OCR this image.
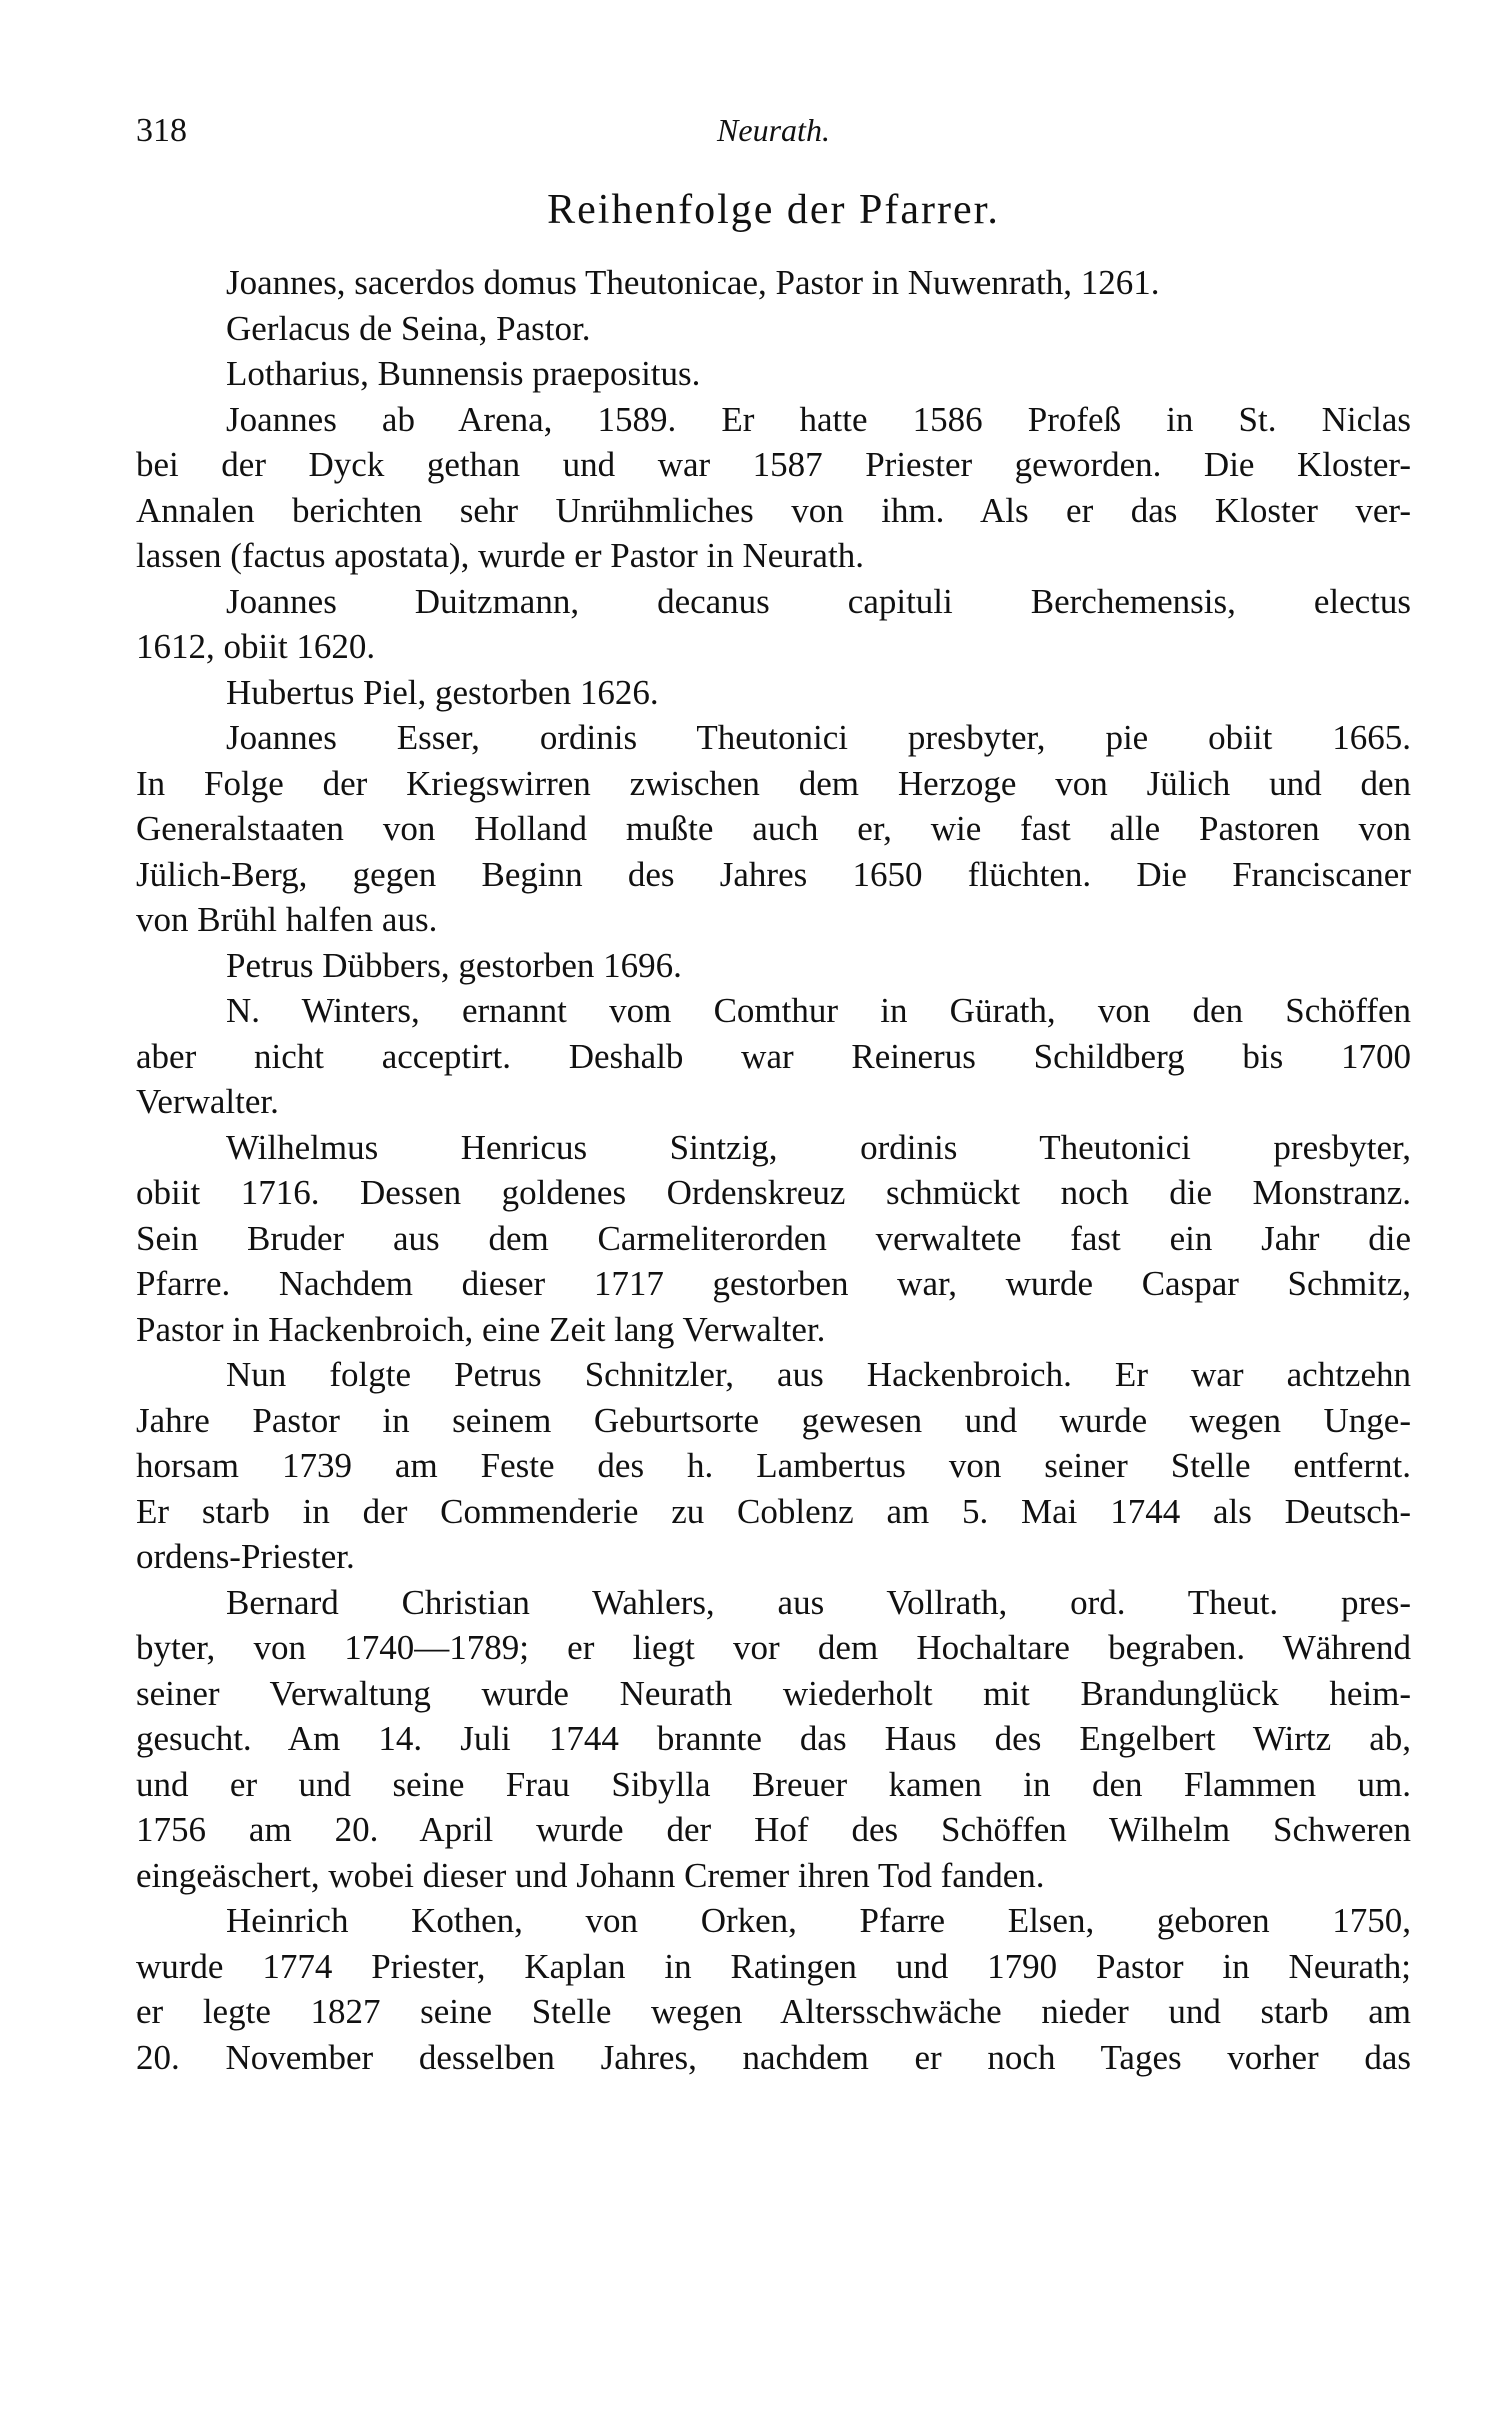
318	Neurath.
Reihenfolge der Pfarrer.
Joannes, sacerdos domus Theutonicae, Pastor in Nuwenrath, 1261.
Gerlacus de Seina, Pastor.
Lotharius, Bunnensis praepositus.
Joannes ab Arena, 1589. Er hatte 1586 Profeß in St. Niclas
bei der Dyck gethan und war 1587 Priester geworden. Die Kloster-
Annalen berichten sehr Unrühmliches von ihm. Als er das Kloster ver-
lassen (factus apostata), wurde er Pastor in Neurath.
Joannes Duitzmann, decanus capituli Berchemensis, electus
1612, obiit 1620.
Hubertus Piel, gestorben 1626.
Joannes Esser, ordinis Theutonici presbyter, pie obiit 1665.
In Folge der Kriegswirren zwischen dem Herzoge von Jülich und den
Generalstaaten von Holland mußte auch er, wie fast alle Pastoren von
Jülich-Berg, gegen Beginn des Jahres 1650 flüchten. Die Franciscaner
von Brühl halfen aus.
Petrus Dübbers, gestorben 1696.
N. Winters, ernannt vom Comthur in Gürath, von den Schöffen
aber nicht acceptirt. Deshalb war Reinerus Schildberg bis 1700
Verwalter.
Wilhelmus Henricus Sintzig, ordinis Theutonici presbyter,
obiit 1716. Dessen goldenes Ordenskreuz schmückt noch die Monstranz.
Sein Bruder aus dem Carmeliterorden verwaltete fast ein Jahr die
Pfarre. Nachdem dieser 1717 gestorben war, wurde Caspar Schmitz,
Pastor in Hackenbroich, eine Zeit lang Verwalter.
Nun folgte Petrus Schnitzler, aus Hackenbroich. Er war achtzehn
Jahre Pastor in seinem Geburtsorte gewesen und wurde wegen Unge-
horsam 1739 am Feste des h. Lambertus von seiner Stelle entfernt.
Er starb in der Commenderie zu Coblenz am 5. Mai 1744 als Deutsch-
ordens-Priester.
Bernard Christian Wahlers, aus Vollrath, ord. Theut. pres-
byter, von 1740—1789; er liegt vor dem Hochaltare begraben. Während
seiner Verwaltung wurde Neurath wiederholt mit Brandunglück heim-
gesucht. Am 14. Juli 1744 brannte das Haus des Engelbert Wirtz ab,
und er und seine Frau Sibylla Breuer kamen in den Flammen um.
1756 am 20. April wurde der Hof des Schöffen Wilhelm Schweren
eingeäschert, wobei dieser und Johann Cremer ihren Tod fanden.
Heinrich Kothen, von Orken, Pfarre Elsen, geboren 1750,
wurde 1774 Priester, Kaplan in Ratingen und 1790 Pastor in Neurath;
er legte 1827 seine Stelle wegen Altersschwäche nieder und starb am
20. November desselben Jahres, nachdem er noch Tages vorher das
